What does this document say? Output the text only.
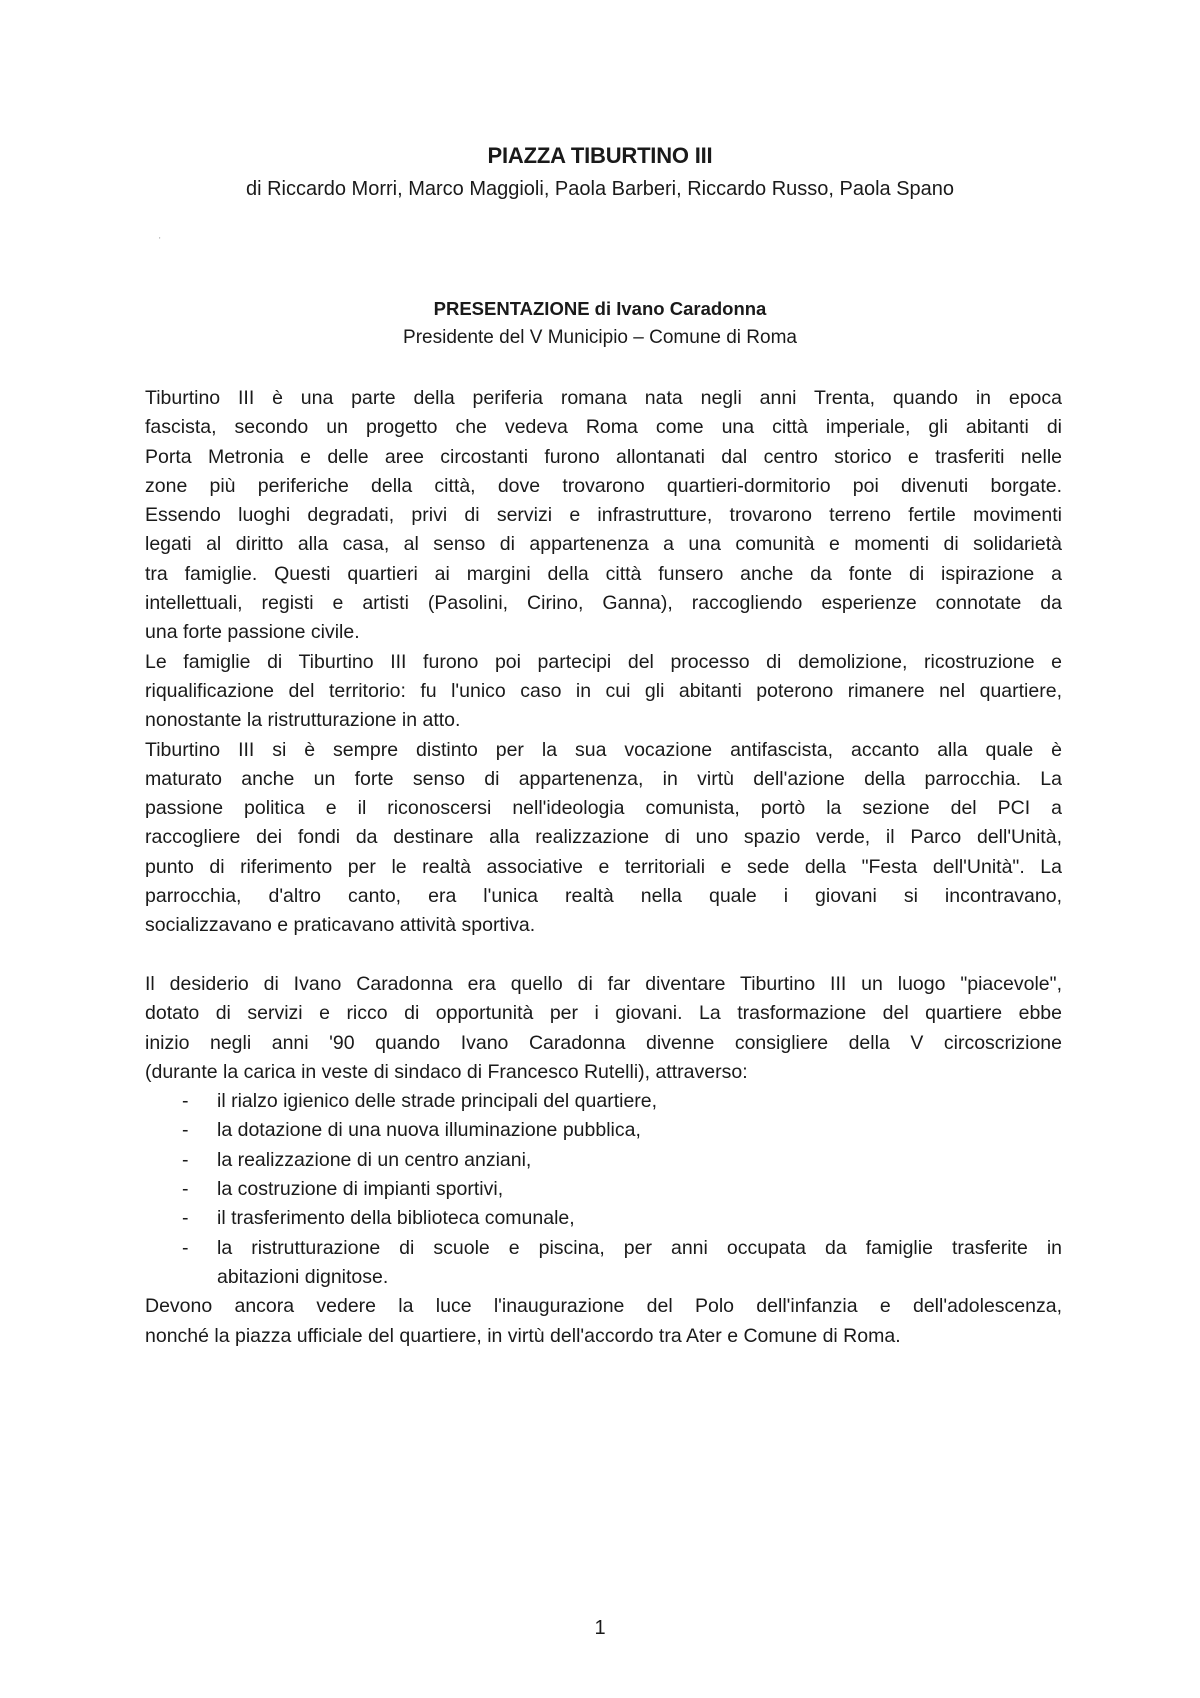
PIAZZA TIBURTINO III
di Riccardo Morri, Marco Maggioli, Paola Barberi, Riccardo Russo, Paola Spano
'
PRESENTAZIONE di Ivano Caradonna
Presidente del V Municipio – Comune di Roma
Tiburtino III è una parte della periferia romana nata negli anni Trenta, quando in epoca
fascista, secondo un progetto che vedeva Roma come una città imperiale, gli abitanti di
Porta Metronia e delle aree circostanti furono allontanati dal centro storico e trasferiti nelle
zone più periferiche della città, dove trovarono quartieri-dormitorio poi divenuti borgate.
Essendo luoghi degradati, privi di servizi e infrastrutture, trovarono terreno fertile movimenti
legati al diritto alla casa, al senso di appartenenza a una comunità e momenti di solidarietà
tra famiglie. Questi quartieri ai margini della città funsero anche da fonte di ispirazione a
intellettuali, registi e artisti (Pasolini, Cirino, Ganna), raccogliendo esperienze connotate da
una forte passione civile.
Le famiglie di Tiburtino III furono poi partecipi del processo di demolizione, ricostruzione e
riqualificazione del territorio: fu l'unico caso in cui gli abitanti poterono rimanere nel quartiere,
nonostante la ristrutturazione in atto.
Tiburtino III si è sempre distinto per la sua vocazione antifascista, accanto alla quale è
maturato anche un forte senso di appartenenza, in virtù dell'azione della parrocchia. La
passione politica e il riconoscersi nell'ideologia comunista, portò la sezione del PCI a
raccogliere dei fondi da destinare alla realizzazione di uno spazio verde, il Parco dell'Unità,
punto di riferimento per le realtà associative e territoriali e sede della "Festa dell'Unità". La
parrocchia, d'altro canto, era l'unica realtà nella quale i giovani si incontravano,
socializzavano e praticavano attività sportiva.
Il desiderio di Ivano Caradonna era quello di far diventare Tiburtino III un luogo "piacevole",
dotato di servizi e ricco di opportunità per i giovani. La trasformazione del quartiere ebbe
inizio negli anni '90 quando Ivano Caradonna divenne consigliere della V circoscrizione
(durante la carica in veste di sindaco di Francesco Rutelli), attraverso:
-	il rialzo igienico delle strade principali del quartiere,
-	la dotazione di una nuova illuminazione pubblica,
-	la realizzazione di un centro anziani,
-	la costruzione di impianti sportivi,
-	il trasferimento della biblioteca comunale,
-	la ristrutturazione di scuole e piscina, per anni occupata da famiglie trasferite in
abitazioni dignitose.
Devono ancora vedere la luce l'inaugurazione del Polo dell'infanzia e dell'adolescenza,
nonché la piazza ufficiale del quartiere, in virtù dell'accordo tra Ater e Comune di Roma.
1
